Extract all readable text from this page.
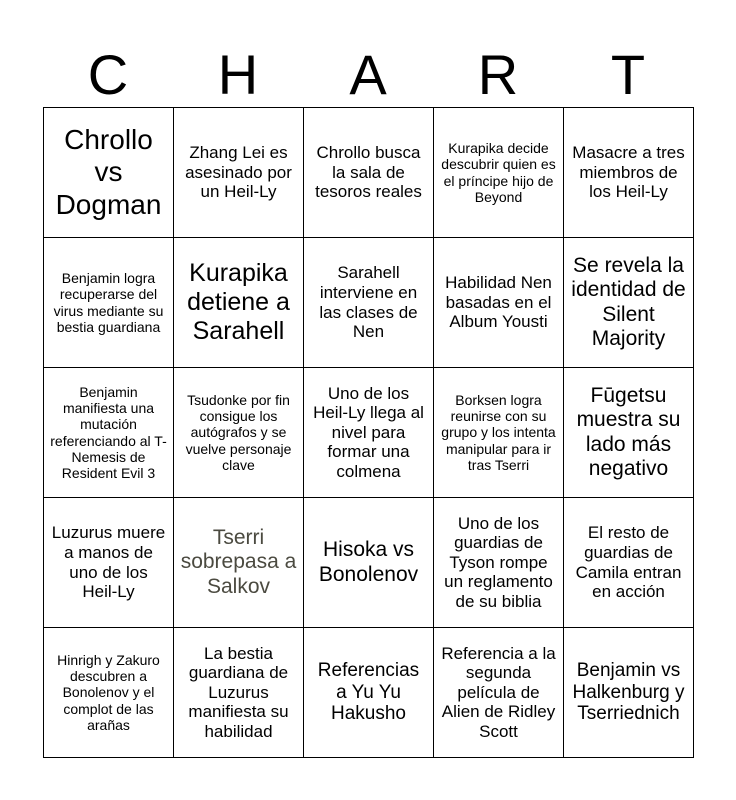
C	H	A	R	T
Chrollo vs Dogman	Zhang Lei es asesinado por un Heil-Ly	Chrollo busca la sala de tesoros reales	Kurapika decide descubrir quien es el príncipe hijo de Beyond	Masacre a tres miembros de los Heil-Ly
Benjamin logra recuperarse del virus mediante su bestia guardiana	Kurapika detiene a Sarahell	Sarahell interviene en las clases de Nen	Habilidad Nen basadas en el Album Yousti	Se revela la identidad de Silent Majority
Benjamin manifiesta una mutación referenciando al T-Nemesis de Resident Evil 3	Tsudonke por fin consigue los autógrafos y se vuelve personaje clave	Uno de los Heil-Ly llega al nivel para formar una colmena	Borksen logra reunirse con su grupo y los intenta manipular para ir tras Tserri	Fūgetsu muestra su lado más negativo
Luzurus muere a manos de uno de los Heil-Ly	Tserri sobrepasa a Salkov	Hisoka vs Bonolenov	Uno de los guardias de Tyson rompe un reglamento de su biblia	El resto de guardias de Camila entran en acción
Hinrigh y Zakuro descubren a Bonolenov y el complot de las arañas	La bestia guardiana de Luzurus manifiesta su habilidad	Referencias a Yu Yu Hakusho	Referencia a la segunda película de Alien de Ridley Scott	Benjamin vs Halkenburg y Tserriednich
